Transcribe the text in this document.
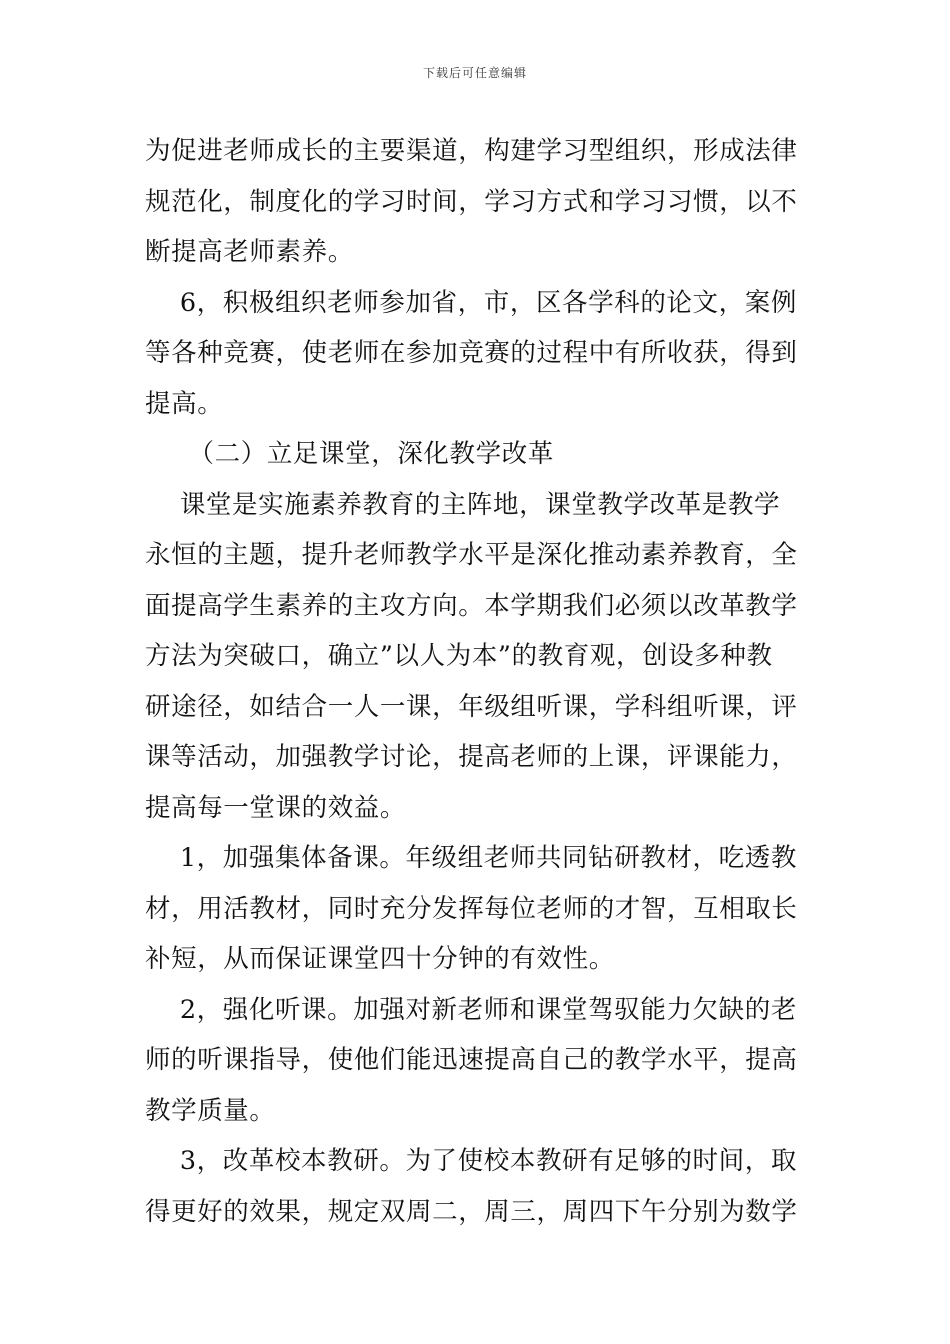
下载后可任意编辑
为促进老师成长的主要渠道，构建学习型组织，形成法律
规范化，制度化的学习时间，学习方式和学习习惯，以不
断提高老师素养。
6，积极组织老师参加省，市，区各学科的论文，案例
等各种竞赛，使老师在参加竞赛的过程中有所收获，得到
提高。
（二）立足课堂，深化教学改革
课堂是实施素养教育的主阵地，课堂教学改革是教学
永恒的主题，提升老师教学水平是深化推动素养教育，全
面提高学生素养的主攻方向。本学期我们必须以改革教学
方法为突破口，确立”以人为本”的教育观，创设多种教
研途径，如结合一人一课，年级组听课，学科组听课，评
课等活动，加强教学讨论，提高老师的上课，评课能力，
提高每一堂课的效益。
1，加强集体备课。年级组老师共同钻研教材，吃透教
材，用活教材，同时充分发挥每位老师的才智，互相取长
补短，从而保证课堂四十分钟的有效性。
2，强化听课。加强对新老师和课堂驾驭能力欠缺的老
师的听课指导，使他们能迅速提高自己的教学水平，提高
教学质量。
3，改革校本教研。为了使校本教研有足够的时间，取
得更好的效果，规定双周二，周三，周四下午分别为数学
